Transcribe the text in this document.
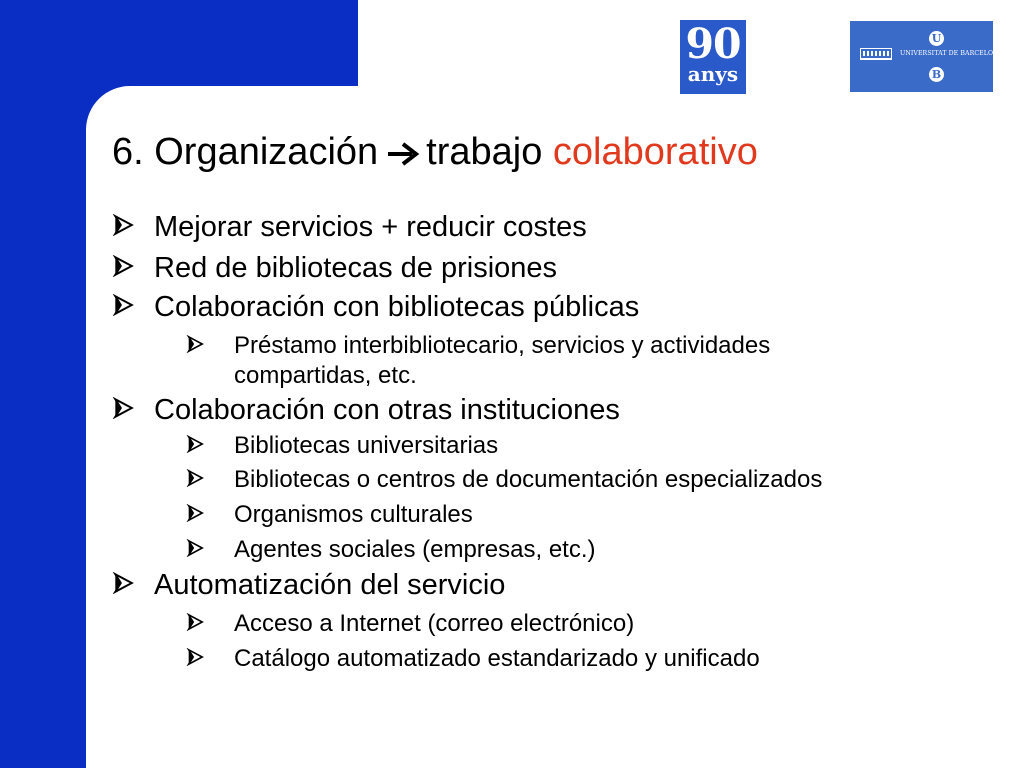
90
anys
UNIVERSITAT DE BARCELONA
U
B
6. Organización trabajo colaborativo
Mejorar servicios + reducir costes
Red de bibliotecas de prisiones
Colaboración con bibliotecas públicas
Préstamo interbibliotecario, servicios y actividades
compartidas, etc.
Colaboración con otras instituciones
Bibliotecas universitarias
Bibliotecas o centros de documentación especializados
Organismos culturales
Agentes sociales (empresas, etc.)
Automatización del servicio
Acceso a Internet (correo electrónico)
Catálogo automatizado estandarizado y unificado
